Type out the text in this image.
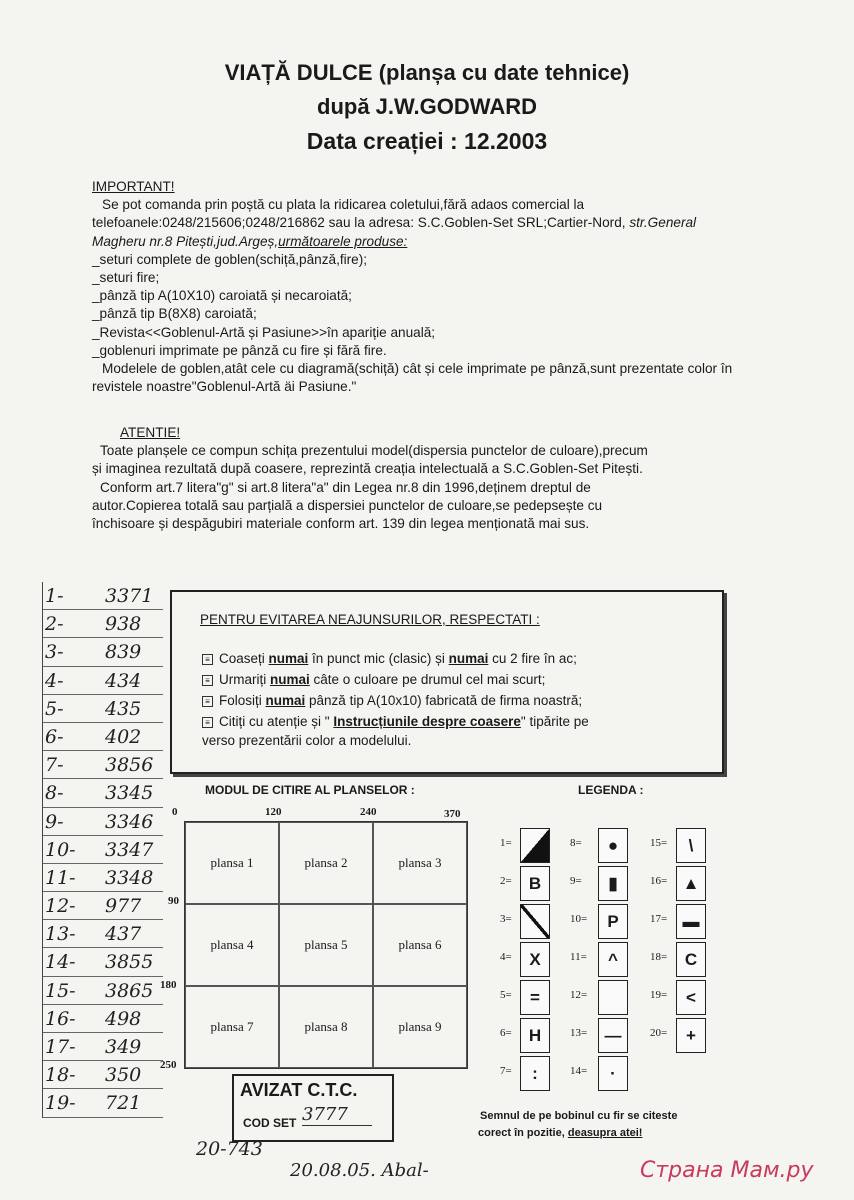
VIAȚĂ DULCE (planșa cu date tehnice)
după J.W.GODWARD
Data creației : 12.2003

IMPORTANT!

Se pot comanda prin poștă cu plata la ridicarea coletului,fără adaos comercial la telefoanele:0248/215606;0248/216862 sau la adresa: S.C.Goblen-Set SRL;Cartier-Nord, str.General Magheru nr.8 Pitești,jud.Argeș,următoarele produse:

_seturi complete de goblen(schiță,pânză,fire);

_seturi fire;

_pânză tip A(10X10) caroiată și necaroiată;

_pânză tip B(8X8) caroiată;

_Revista<<Goblenul-Artă și Pasiune>>în apariție anuală;

_goblenuri imprimate pe pânză cu fire și fără fire.

Modelele de goblen,atât cele cu diagramă(schiță) cât și cele imprimate pe pânză,sunt prezentate color în revistele noastre"Goblenul-Artă äi Pasiune."

ATENTIE!

Toate planșele ce compun schița prezentului model(dispersia punctelor de culoare),precum și imaginea rezultată după coasere, reprezintă creația intelectuală a S.C.Goblen-Set Pitești.

Conform art.7 litera"g" si art.8 litera"a" din Legea nr.8 din 1996,deținem dreptul de autor.Copierea totală sau parțială a dispersiei punctelor de culoare,se pedepsește cu închisoare și despăgubiri materiale conform art. 139 din legea menționată mai sus.

1- 3371
2- 938
3- 839
4- 434
5- 435
6- 402
7- 3856
8- 3345
9- 3346
10- 3347
11- 3348
12- 977
13- 437
14- 3855
15- 3865
16- 498
17- 349
18- 350
19- 721
PENTRU EVITAREA NEAJUNSURILOR, RESPECTATI :
≡ Coaseți numai în punct mic (clasic) și numai cu 2 fire în ac;
≡ Urmariți numai câte o culoare pe drumul cel mai scurt;
≡ Folosiți numai pânză tip A(10x10) fabricată de firma noastră;
≡ Citiți cu atenție și " Instrucțiunile despre coasere" tipărite pe
verso prezentării color a modelului.
MODUL DE CITIRE AL PLANSELOR :
0	120	240	370
90
180
250
plansa 1	plansa 2	plansa 3
plansa 4	plansa 5	plansa 6
plansa 7	plansa 8	plansa 9
LEGENDA :
1=
2=	B
3=
4=	X
5=	=
6=	H
7=	:
8=	●
9=	▮
10=	P
11=	^
12=
13=	—
14=	·
15=	\
16= ▲
17= ▬
18=	C
19=	<
20=	+
Semnul de pe bobinul cu fir se citeste
corect în pozitie, deasupra atei!
AVIZAT C.T.C.
COD SET 3777
20-743
20.08.05. Abal-	Страна Мам.ру
